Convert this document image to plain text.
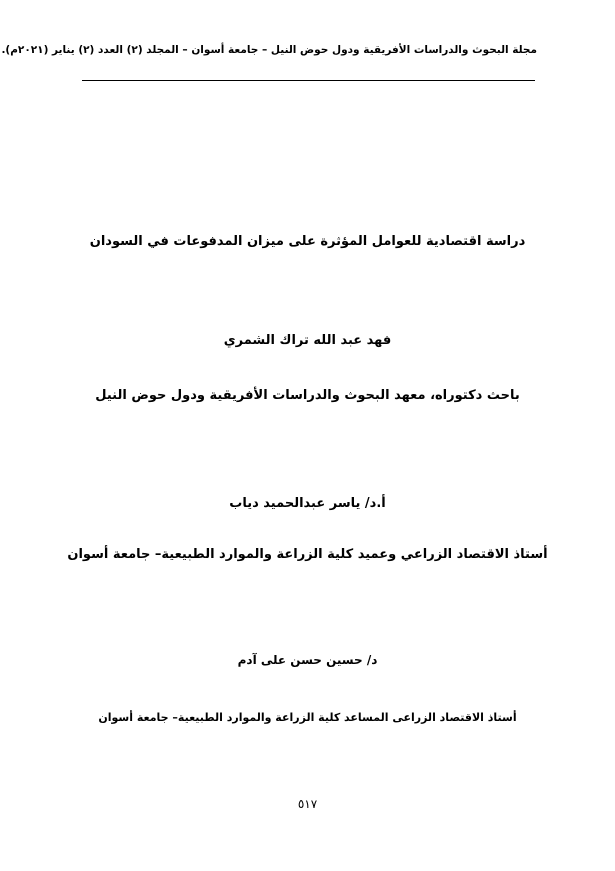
مجلة البحوث والدراسات الأفريقية ودول حوض النيل – جامعة أسوان – المجلد (٢) العدد (٢) يناير (٢٠٢١م).
دراسة اقتصادية للعوامل المؤثرة على ميزان المدفوعات في السودان
فهد عبد الله تراك الشمري
باحث دكتوراه، معهد البحوث والدراسات الأفريقية ودول حوض النيل
أ.د/ ياسر عبدالحميد دياب
أستاذ الاقتصاد الزراعي وعميد كلية الزراعة والموارد الطبيعية– جامعة أسوان
د/ حسين حسن على آدم
أستاذ الاقتصاد الزراعى المساعد كلية الزراعة والموارد الطبيعية– جامعة أسوان
٥١٧
